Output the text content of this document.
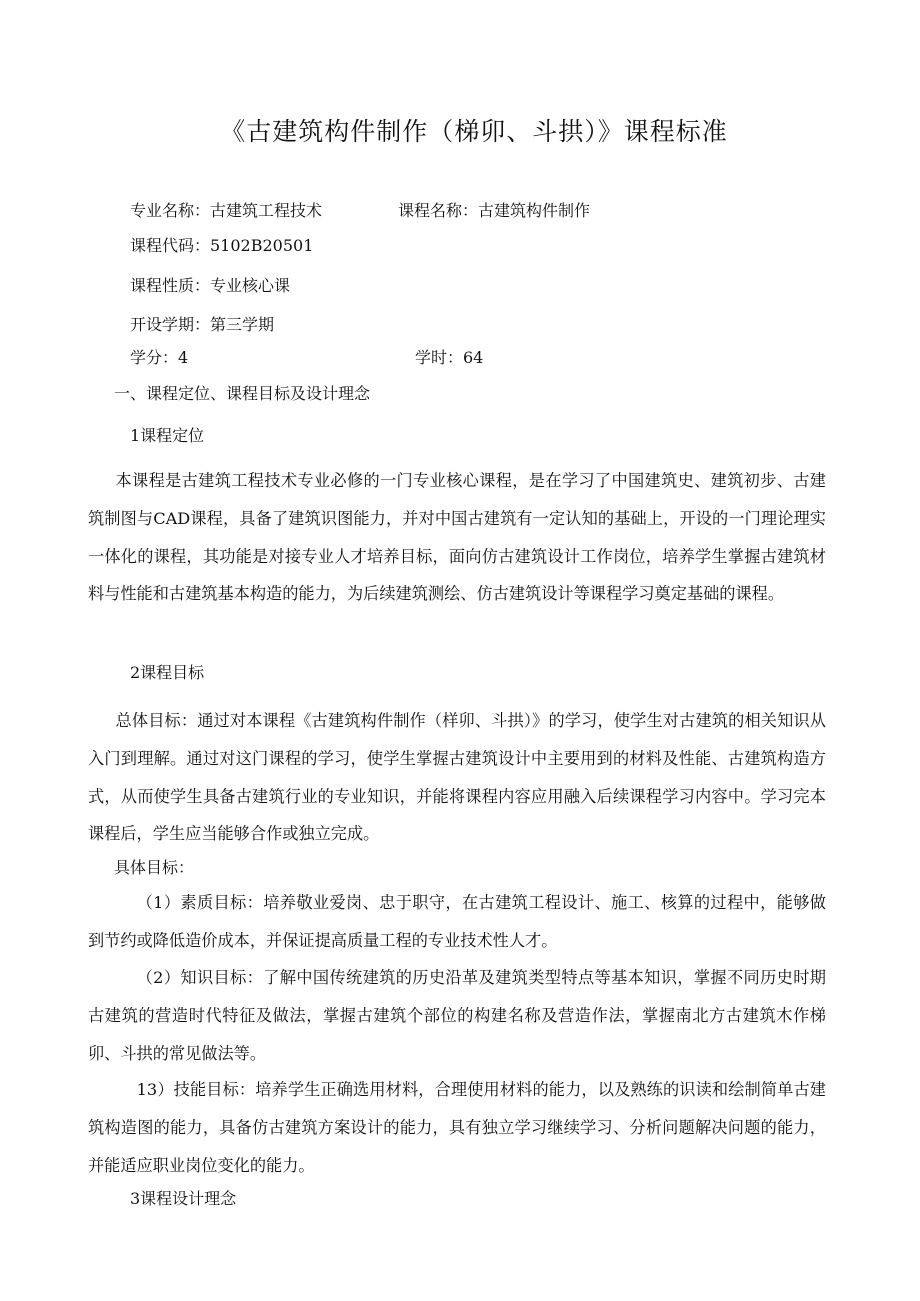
《古建筑构件制作（梯卯、斗拱）》课程标准
专业名称：古建筑工程技术	课程名称：古建筑构件制作
课程代码：5102B20501
课程性质：专业核心课
开设学期：第三学期
学分：4	学时：64
一、课程定位、课程目标及设计理念
1课程定位

本课程是古建筑工程技术专业必修的一门专业核心课程，是在学习了中国建筑史、建筑初步、古建筑制图与CAD课程，具备了建筑识图能力，并对中国古建筑有一定认知的基础上，开设的一门理论理实一体化的课程，其功能是对接专业人才培养目标，面向仿古建筑设计工作岗位，培养学生掌握古建筑材料与性能和古建筑基本构造的能力，为后续建筑测绘、仿古建筑设计等课程学习奠定基础的课程。

2课程目标

总体目标：通过对本课程《古建筑构件制作（样卯、斗拱）》的学习，使学生对古建筑的相关知识从入门到理解。通过对这门课程的学习，使学生掌握古建筑设计中主要用到的材料及性能、古建筑构造方式，从而使学生具备古建筑行业的专业知识，并能将课程内容应用融入后续课程学习内容中。学习完本课程后，学生应当能够合作或独立完成。

具体目标：

（1）素质目标：培养敬业爱岗、忠于职守，在古建筑工程设计、施工、核算的过程中，能够做到节约或降低造价成本，并保证提高质量工程的专业技术性人才。

（2）知识目标：了解中国传统建筑的历史沿革及建筑类型特点等基本知识，掌握不同历史时期古建筑的营造时代特征及做法，掌握古建筑个部位的构建名称及营造作法，掌握南北方古建筑木作梯卯、斗拱的常见做法等。

13）技能目标：培养学生正确选用材料，合理使用材料的能力，以及熟练的识读和绘制简单古建筑构造图的能力，具备仿古建筑方案设计的能力，具有独立学习继续学习、分析问题解决问题的能力，并能适应职业岗位变化的能力。

3课程设计理念
